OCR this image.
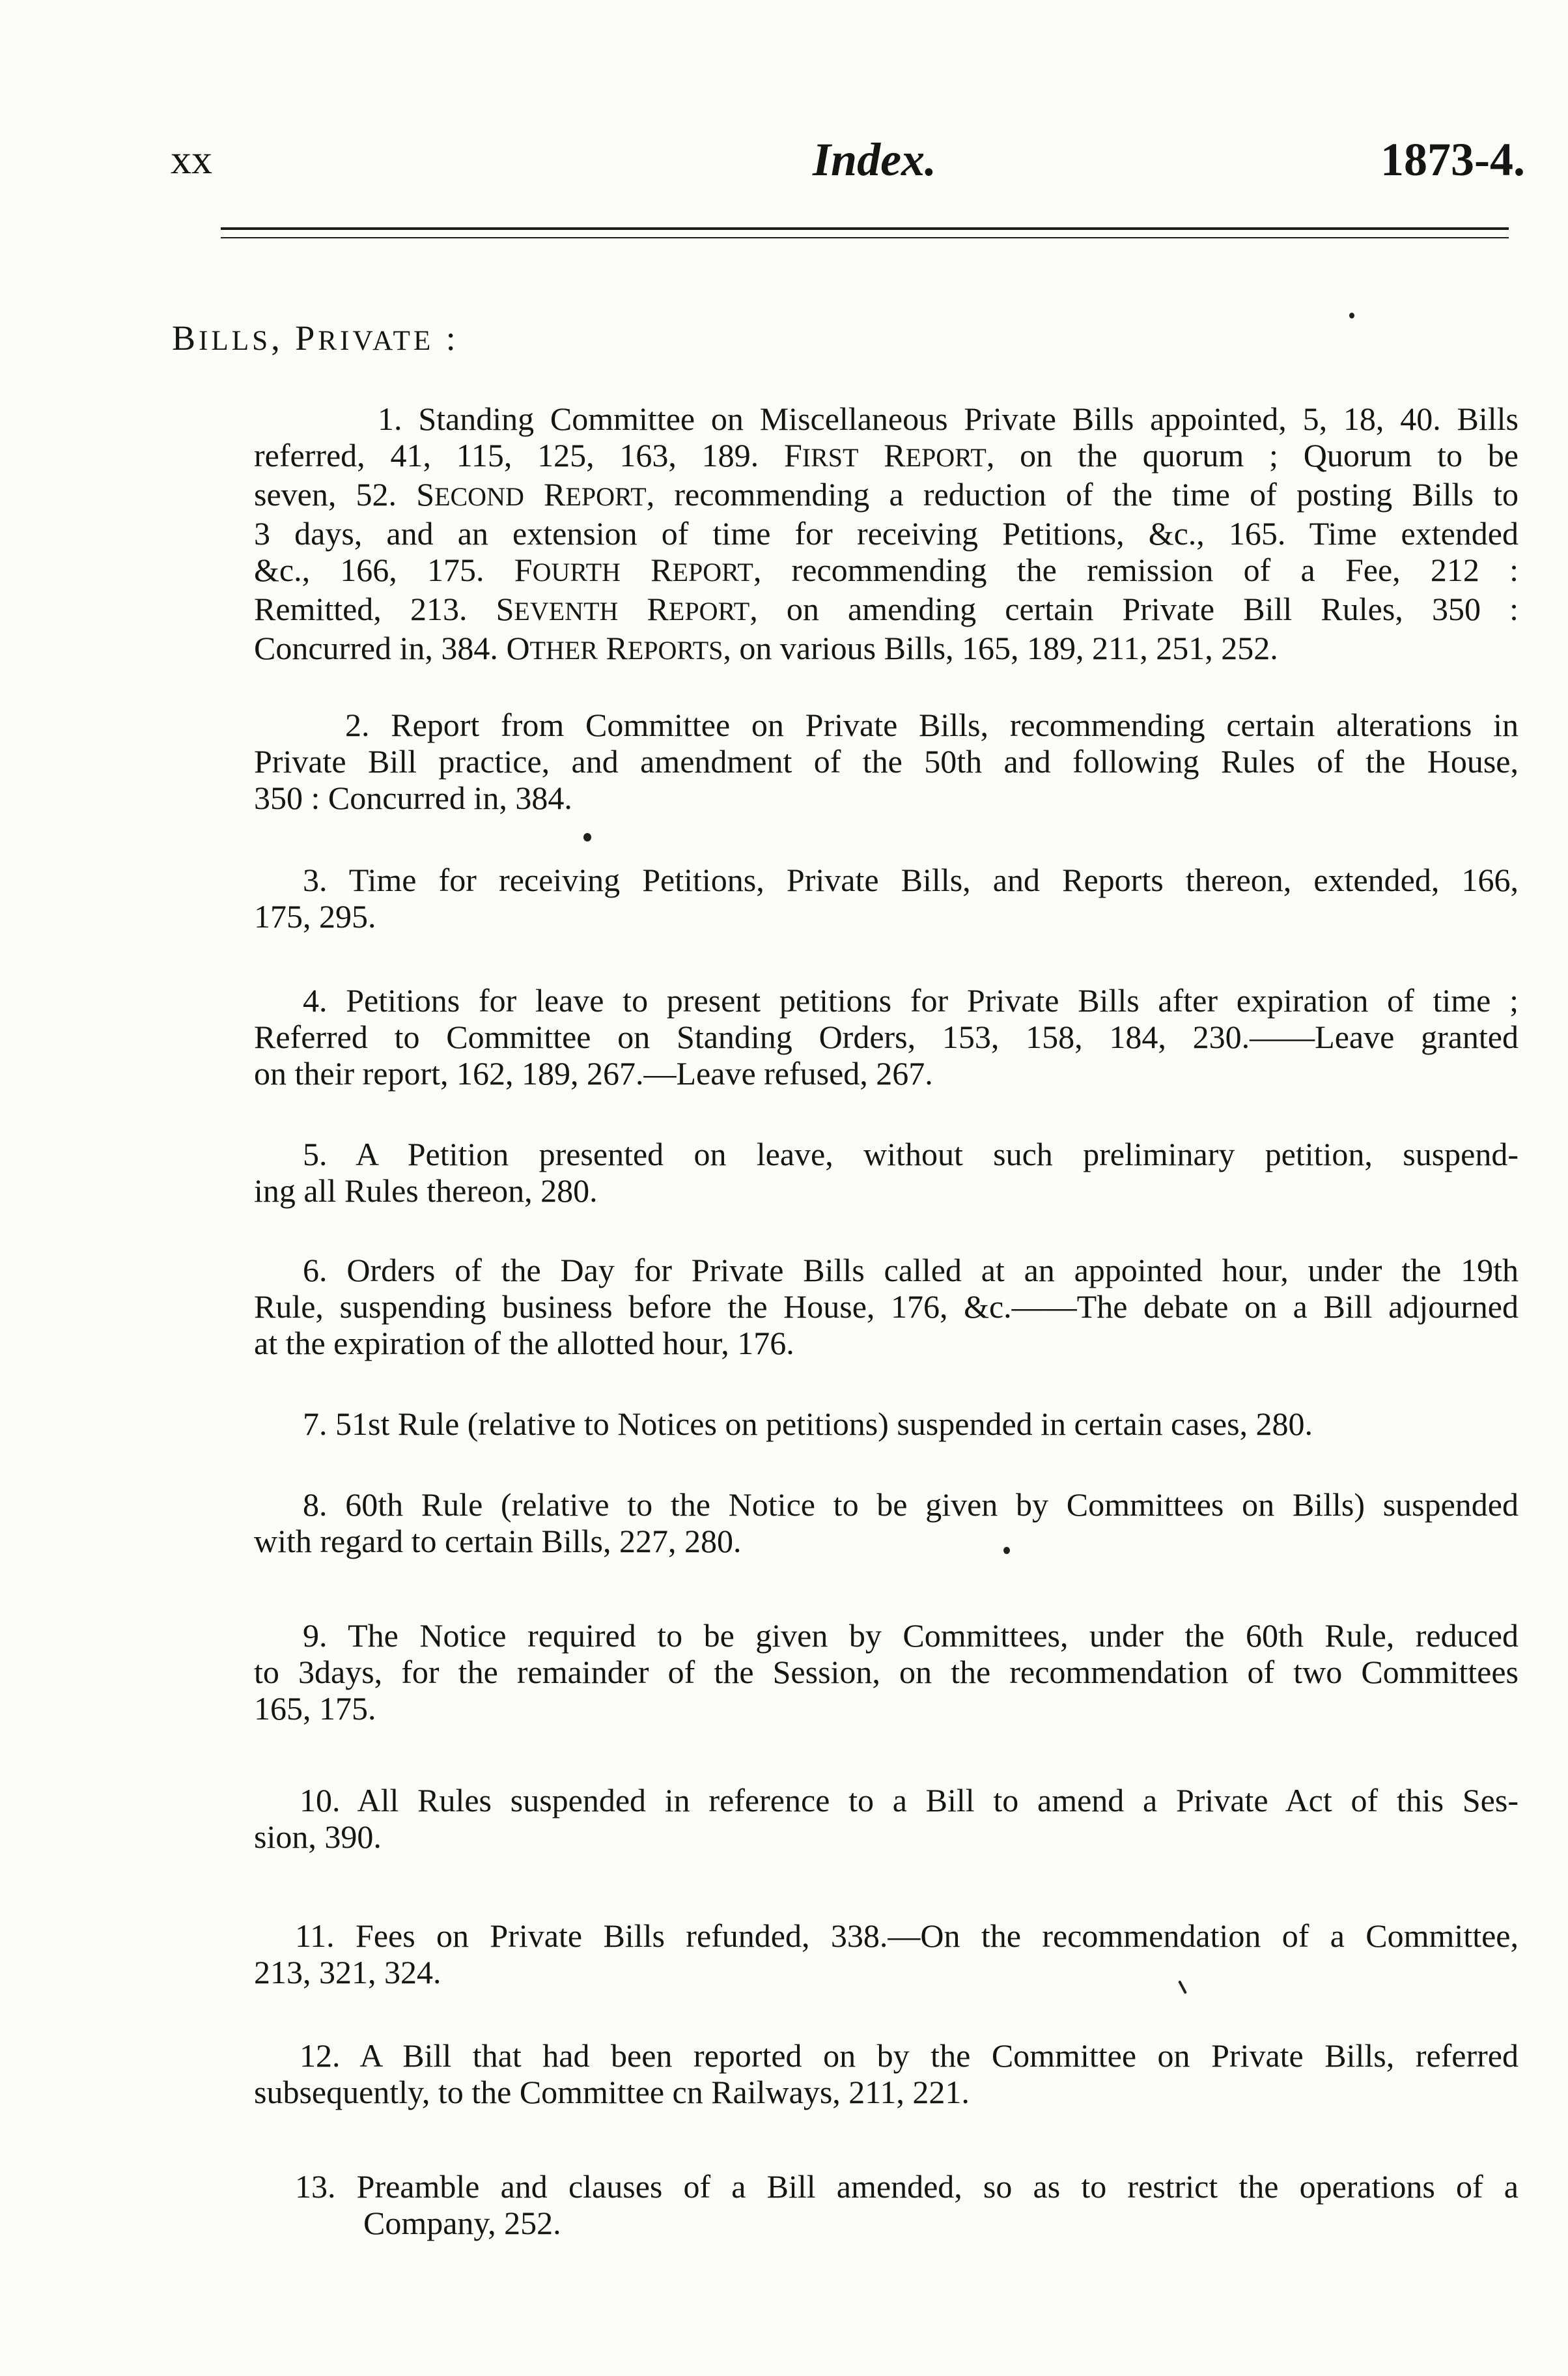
xx	Index.	1873-4.
BILLS, PRIVATE :
1. Standing Committee on Miscellaneous Private Bills appointed, 5, 18, 40. Bills
referred, 41, 115, 125, 163, 189. FIRST REPORT, on the quorum ; Quorum to be
seven, 52. SECOND REPORT, recommending a reduction of the time of posting Bills to
3 days, and an extension of time for receiving Petitions, &c., 165. Time extended
&c., 166, 175. FOURTH REPORT, recommending the remission of a Fee, 212 :
Remitted, 213. SEVENTH REPORT, on amending certain Private Bill Rules, 350 :
Concurred in, 384. OTHER REPORTS, on various Bills, 165, 189, 211, 251, 252.
2. Report from Committee on Private Bills, recommending certain alterations in
Private Bill practice, and amendment of the 50th and following Rules of the House,
350 : Concurred in, 384.
3. Time for receiving Petitions, Private Bills, and Reports thereon, extended, 166,
175, 295.
4. Petitions for leave to present petitions for Private Bills after expiration of time ;
Referred to Committee on Standing Orders, 153, 158, 184, 230.——Leave granted
on their report, 162, 189, 267.—Leave refused, 267.
5. A Petition presented on leave, without such preliminary petition, suspend-
ing all Rules thereon, 280.
6. Orders of the Day for Private Bills called at an appointed hour, under the 19th
Rule, suspending business before the House, 176, &c.——The debate on a Bill adjourned
at the expiration of the allotted hour, 176.
7. 51st Rule (relative to Notices on petitions) suspended in certain cases, 280.
8. 60th Rule (relative to the Notice to be given by Committees on Bills) suspended
with regard to certain Bills, 227, 280.
9. The Notice required to be given by Committees, under the 60th Rule, reduced
to 3days, for the remainder of the Session, on the recommendation of two Committees
165, 175.
10. All Rules suspended in reference to a Bill to amend a Private Act of this Ses-
sion, 390.
11. Fees on Private Bills refunded, 338.—On the recommendation of a Committee,
213, 321, 324.
12. A Bill that had been reported on by the Committee on Private Bills, referred
subsequently, to the Committee cn Railways, 211, 221.
13. Preamble and clauses of a Bill amended, so as to restrict the operations of a
Company, 252.
